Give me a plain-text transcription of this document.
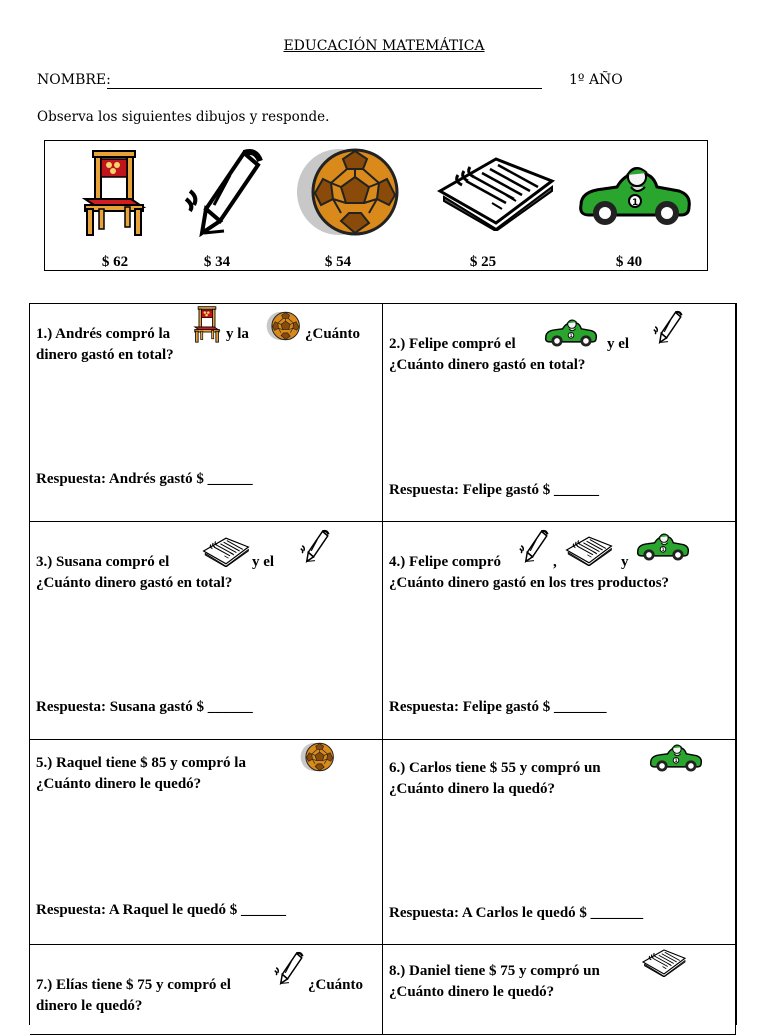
EDUCACIÓN MATEMÁTICA
NOMBRE:	1º AÑO
Observa los siguientes dibujos y responde.
$ 62	$ 34	$ 54	$ 25	$ 40
1.) Andrés compró la	y la	¿Cuánto
dinero gastó en total?
Respuesta: Andrés gastó $ ______
2.) Felipe compró el	y el
¿Cuánto dinero gastó en total?
Respuesta: Felipe gastó $ ______
3.) Susana compró el	y el
¿Cuánto dinero gastó en total?
Respuesta: Susana gastó $ ______
4.) Felipe compró	,	y
¿Cuánto dinero gastó en los tres productos?
Respuesta: Felipe gastó $ _______
5.) Raquel tiene $ 85 y compró la
¿Cuánto dinero le quedó?
Respuesta: A Raquel le quedó $ ______
6.) Carlos tiene $ 55 y compró un
¿Cuánto dinero la quedó?
Respuesta: A Carlos le quedó $ _______
7.) Elías tiene $ 75 y compró el	¿Cuánto
dinero le quedó?
8.) Daniel tiene $ 75 y compró un
¿Cuánto dinero le quedó?
